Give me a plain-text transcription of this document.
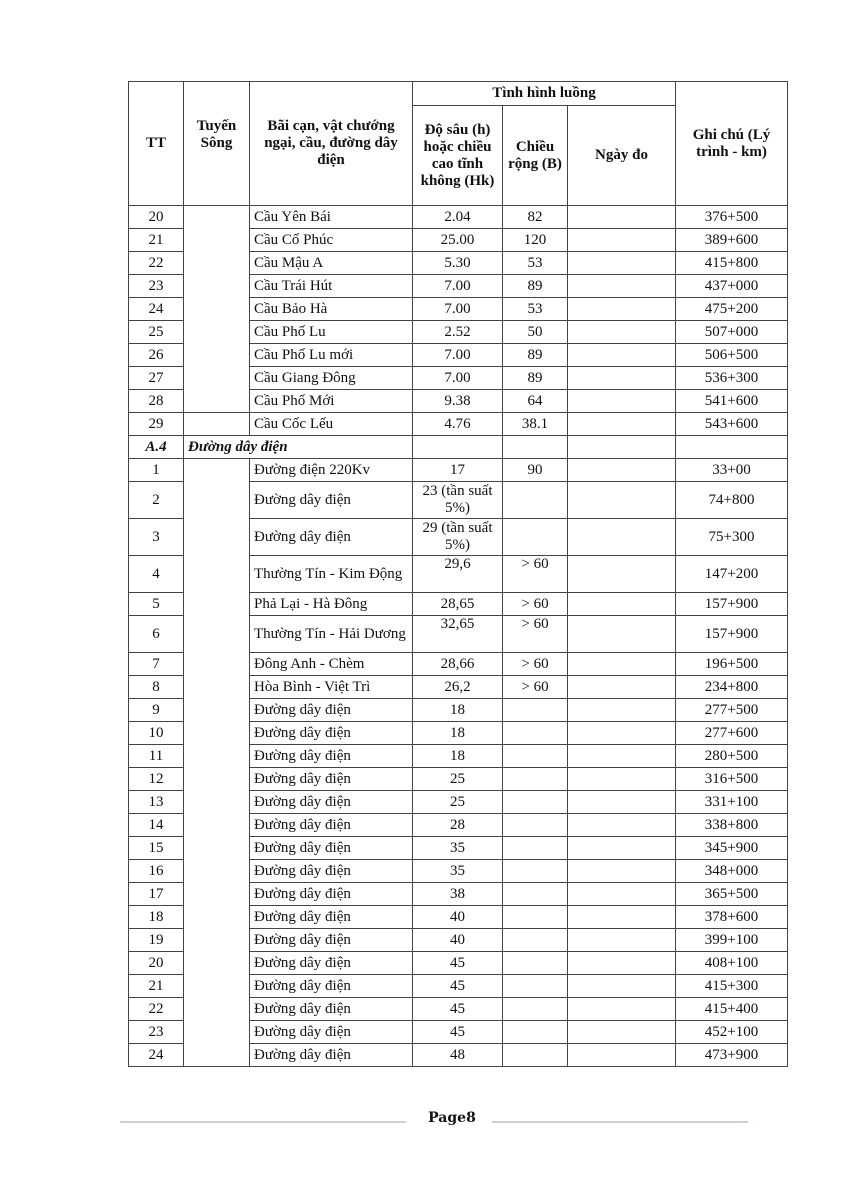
TT	Tuyến Sông	Bãi cạn, vật chướng ngại, cầu, đường dây điện	Tình hình luồng			Ghi chú (Lý trình - km)
			Độ sâu (h) hoặc chiều cao tĩnh không (Hk)	Chiều rộng (B)	Ngày đo	
20		Cầu Yên Bái	2.04	82		376+500
21		Cầu Cổ Phúc	25.00	120		389+600
22		Cầu Mậu A	5.30	53		415+800
23		Cầu Trái Hút	7.00	89		437+000
24		Cầu Bảo Hà	7.00	53		475+200
25		Cầu Phố Lu	2.52	50		507+000
26		Cầu Phố Lu mới	7.00	89		506+500
27		Cầu Giang Đông	7.00	89		536+300
28		Cầu Phố Mới	9.38	64		541+600
29		Cầu Cốc Lếu	4.76	38.1		543+600
A.4	Đường dây điện					
1		Đường điện 220Kv	17	90		33+00
2		Đường dây điện	23 (tần suất 5%)			74+800
3		Đường dây điện	29 (tần suất 5%)			75+300
4		Thường Tín - Kim Động	29,6	> 60		147+200
5		Phả Lại - Hà Đông	28,65	> 60		157+900
6		Thường Tín - Hải Dương	32,65	> 60		157+900
7		Đông Anh - Chèm	28,66	> 60		196+500
8		Hòa Bình - Việt Trì	26,2	> 60		234+800
9		Đường dây điện	18			277+500
10		Đường dây điện	18			277+600
11		Đường dây điện	18			280+500
12		Đường dây điện	25			316+500
13		Đường dây điện	25			331+100
14		Đường dây điện	28			338+800
15		Đường dây điện	35			345+900
16		Đường dây điện	35			348+000
17		Đường dây điện	38			365+500
18		Đường dây điện	40			378+600
19		Đường dây điện	40			399+100
20		Đường dây điện	45			408+100
21		Đường dây điện	45			415+300
22		Đường dây điện	45			415+400
23		Đường dây điện	45			452+100
24		Đường dây điện	48			473+900
Page8
